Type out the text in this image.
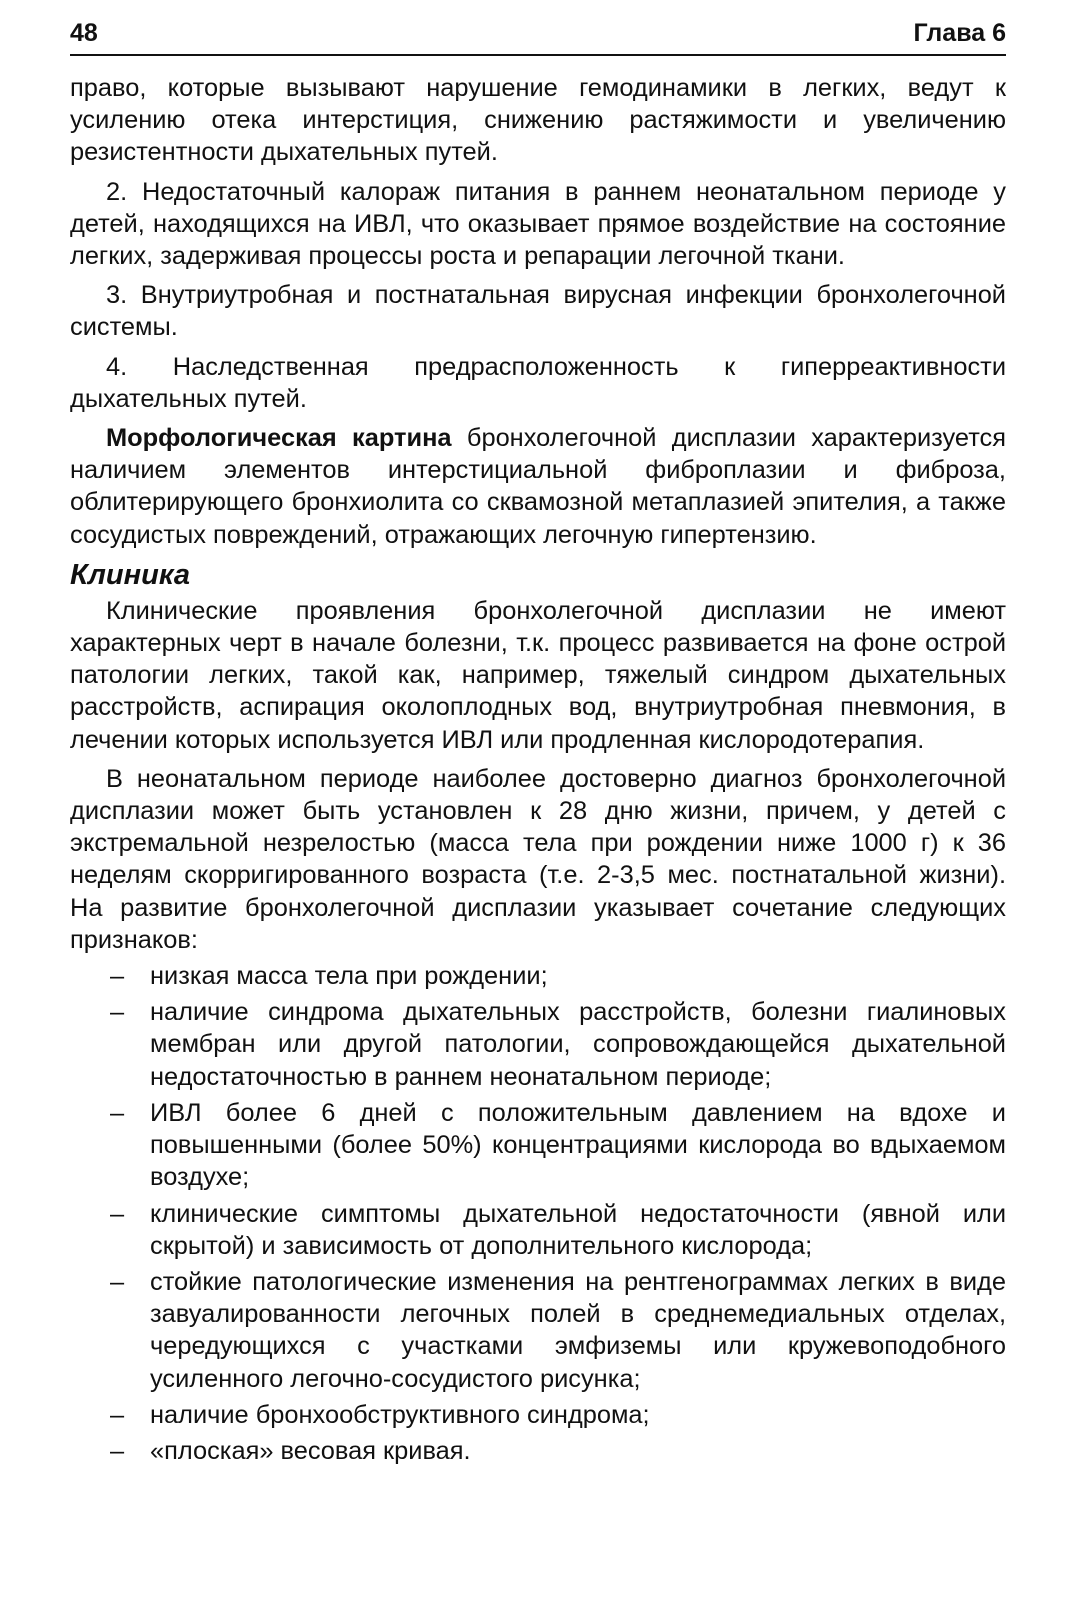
48	Глава 6

право, которые вызывают нарушение гемодинамики в легких, ведут к усилению отека интерстиция, снижению растяжимости и увеличению резистентности дыхательных путей.

2. Недостаточный калораж питания в раннем неонатальном периоде у детей, находящихся на ИВЛ, что оказывает прямое воздействие на состояние легких, задерживая процессы роста и репарации легочной ткани.

3. Внутриутробная и постнатальная вирусная инфекции бронхолегочной системы.

4. Наследственная предрасположенность к гиперреактивности дыхательных путей.

Морфологическая картина бронхолегочной дисплазии характеризуется наличием элементов интерстициальной фиброплазии и фиброза, облитерирующего бронхиолита со сквамозной метаплазией эпителия, а также сосудистых повреждений, отражающих легочную гипертензию.

Клиника

Клинические проявления бронхолегочной дисплазии не имеют характерных черт в начале болезни, т.к. процесс развивается на фоне острой патологии легких, такой как, например, тяжелый синдром дыхательных расстройств, аспирация околоплодных вод, внутриутробная пневмония, в лечении которых используется ИВЛ или продленная кислородотерапия.

В неонатальном периоде наиболее достоверно диагноз бронхолегочной дисплазии может быть установлен к 28 дню жизни, причем, у детей с экстремальной незрелостью (масса тела при рождении ниже 1000 г) к 36 неделям скорригированного возраста (т.е. 2-3,5 мес. постнатальной жизни). На развитие бронхолегочной дисплазии указывает сочетание следующих признаков:

– низкая масса тела при рождении;
– наличие синдрома дыхательных расстройств, болезни гиалиновых мембран или другой патологии, сопровождающейся дыхательной недостаточностью в раннем неонатальном периоде;
– ИВЛ более 6 дней с положительным давлением на вдохе и повышенными (более 50%) концентрациями кислорода во вдыхаемом воздухе;
– клинические симптомы дыхательной недостаточности (явной или скрытой) и зависимость от дополнительного кислорода;
– стойкие патологические изменения на рентгенограммах легких в виде завуалированности легочных полей в среднемедиальных отделах, чередующихся с участками эмфиземы или кружевоподобного усиленного легочно-сосудистого рисунка;
– наличие бронхообструктивного синдрома;
– «плоская» весовая кривая.
